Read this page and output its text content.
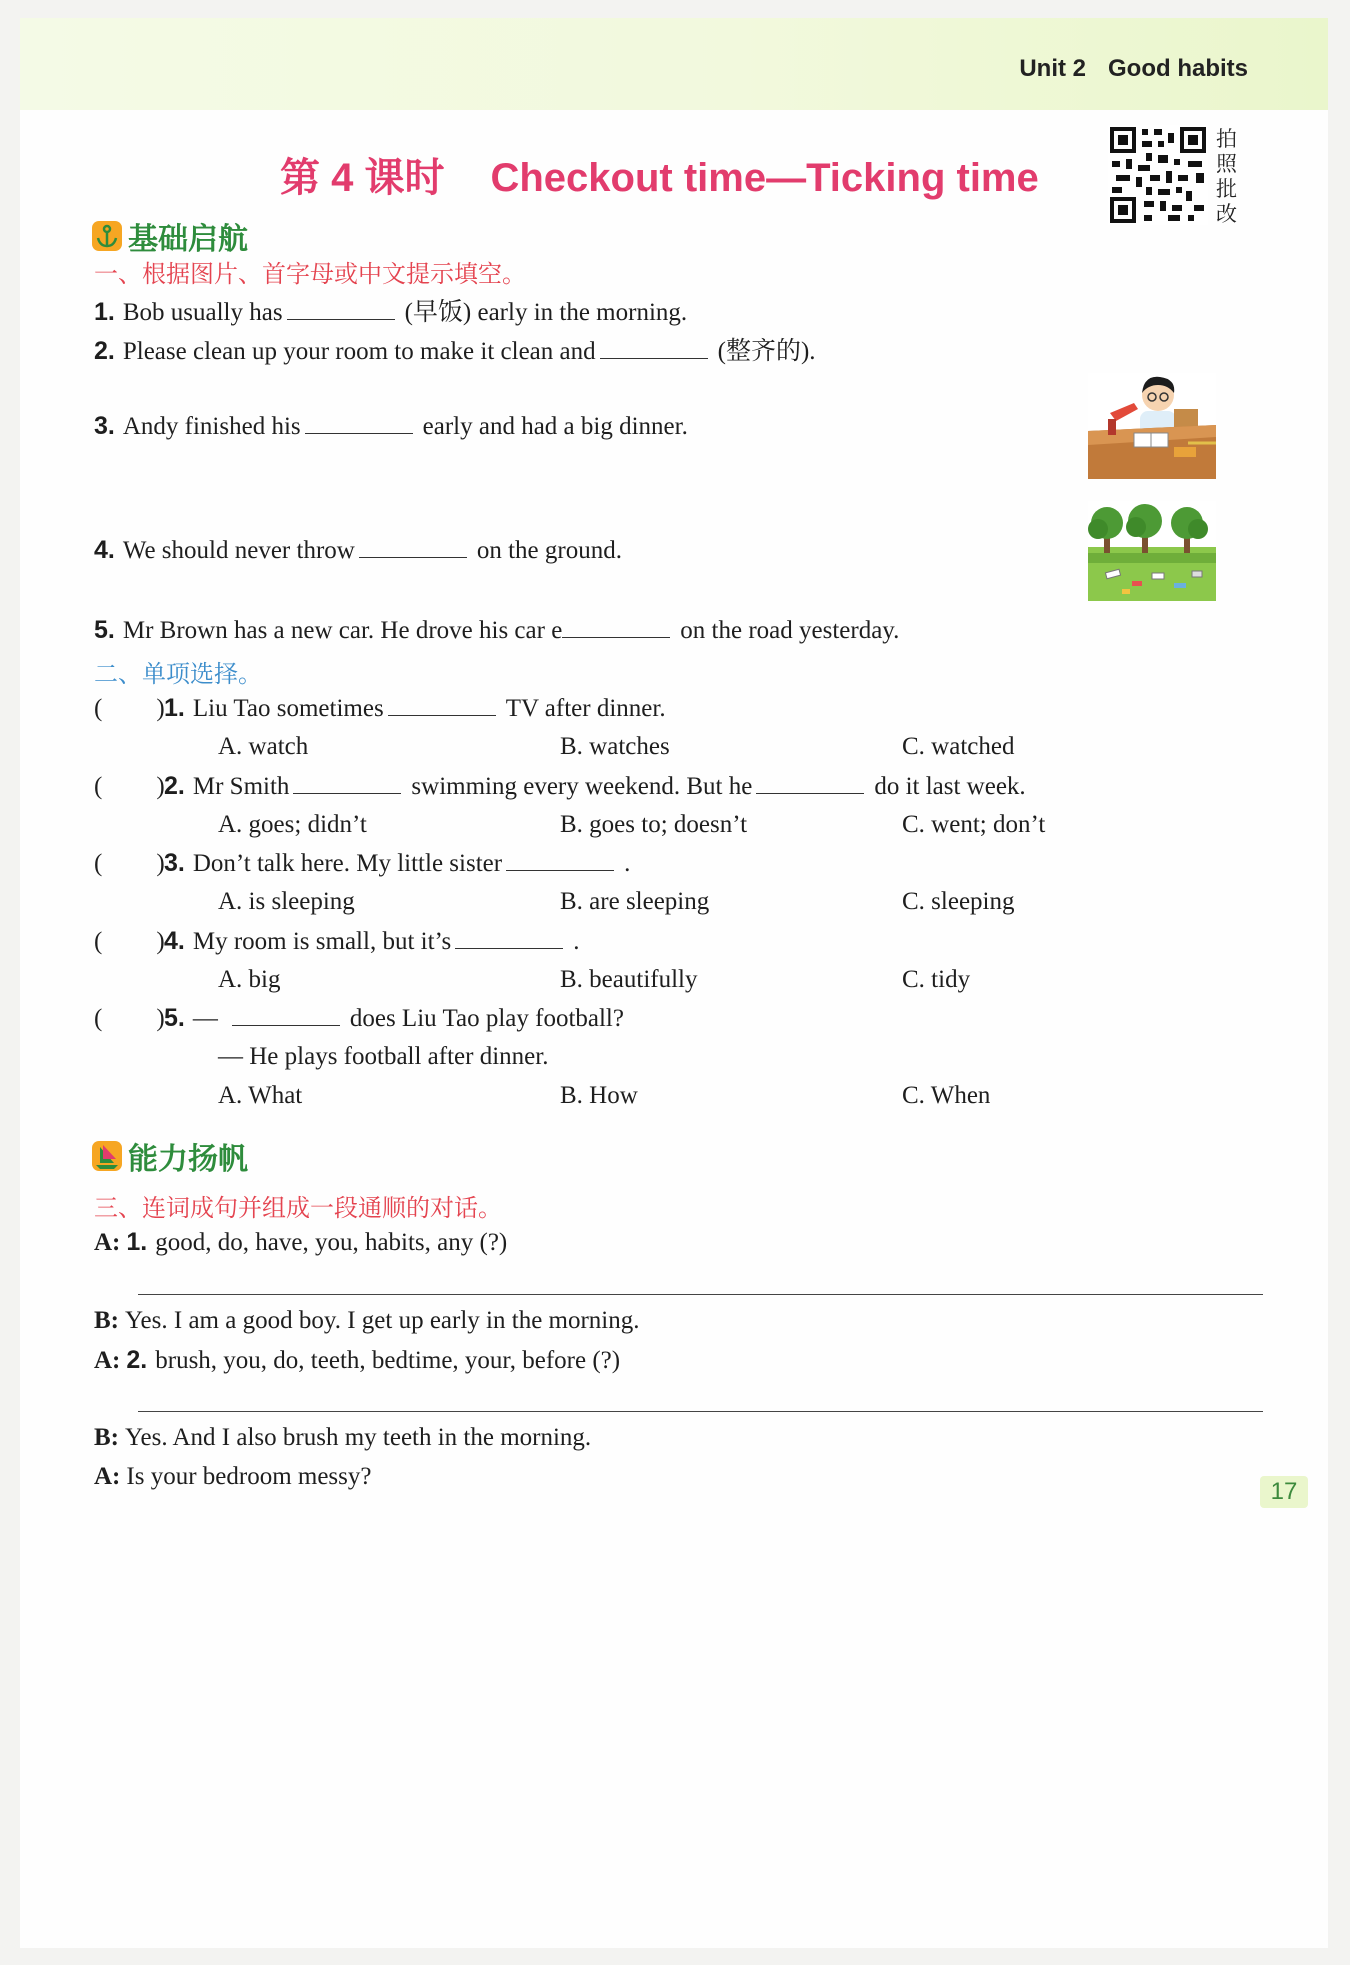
Unit 2 Good habits
第 4 课时 Checkout time—Ticking time
拍照批改
基础启航
一、根据图片、首字母或中文提示填空。
1. Bob usually has	(早饭) early in the morning.
2. Please clean up your room to make it clean and	(整齐的).
3. Andy finished his	early and had a big dinner.
4. We should never throw	on the ground.
5. Mr Brown has a new car. He drove his car e	on the road yesterday.
二、单项选择。
( )1. Liu Tao sometimes	TV after dinner.
A. watch	B. watches	C. watched
( )2. Mr Smith	swimming every weekend. But he	do it last week.
A. goes; didn’t	B. goes to; doesn’t	C. went; don’t
( )3. Don’t talk here. My little sister	.
A. is sleeping	B. are sleeping	C. sleeping
( )4. My room is small, but it’s	.
A. big	B. beautifully	C. tidy
( )5. —	does Liu Tao play football?
— He plays football after dinner.
A. What	B. How	C. When
能力扬帆
三、连词成句并组成一段通顺的对话。
A: 1. good, do, have, you, habits, any (?)
B: Yes. I am a good boy. I get up early in the morning.
A: 2. brush, you, do, teeth, bedtime, your, before (?)
B: Yes. And I also brush my teeth in the morning.
A: Is your bedroom messy?
17
